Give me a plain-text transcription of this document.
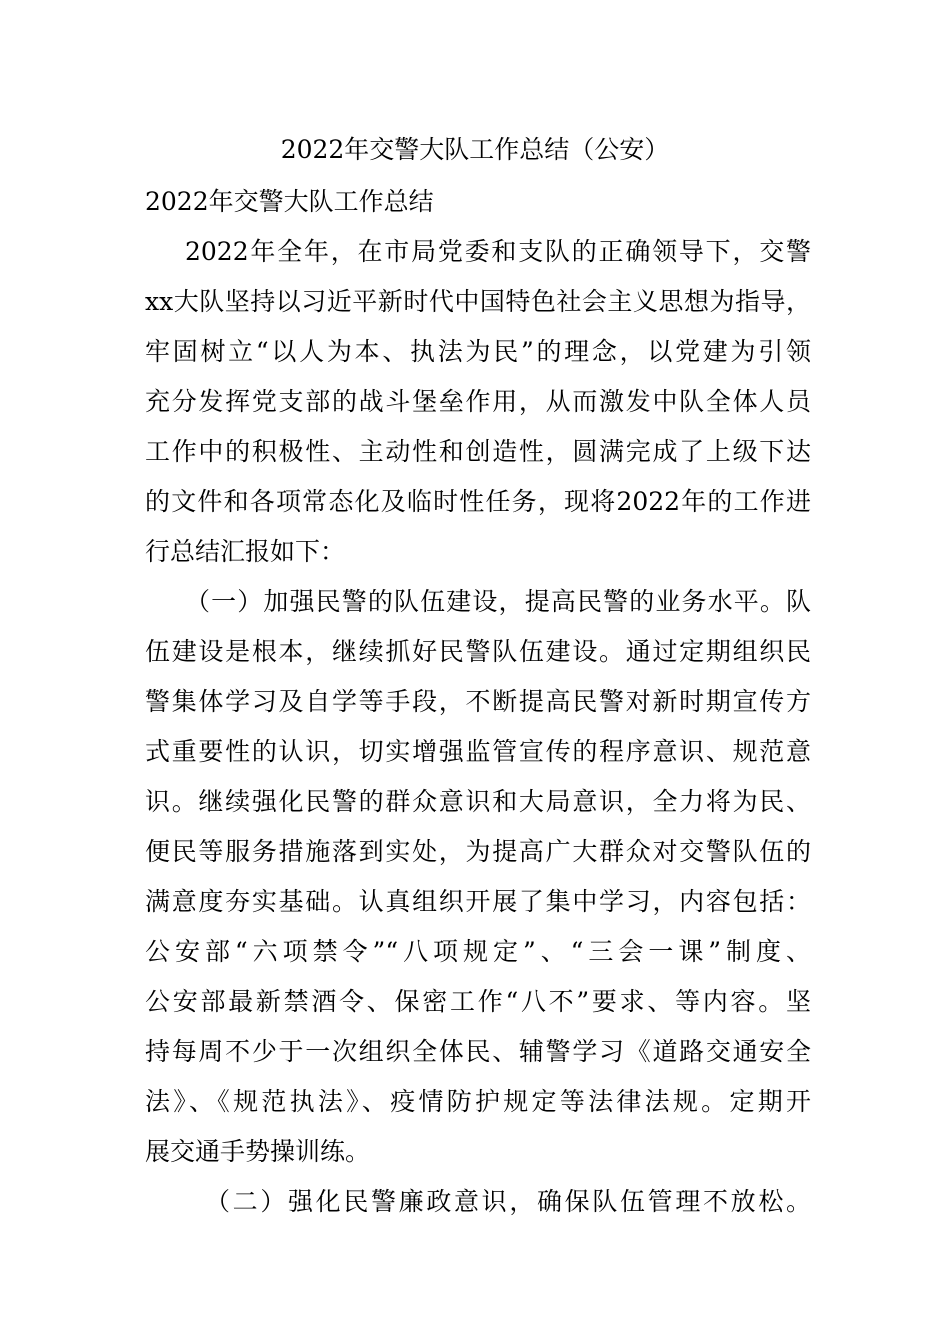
2022年交警大队工作总结（公安）
2022年交警大队工作总结
2022年全年，在市局党委和支队的正确领导下，交警
xx大队坚持以习近平新时代中国特色社会主义思想为指导，
牢固树立“以人为本、执法为民”的理念，以党建为引领
充分发挥党支部的战斗堡垒作用，从而激发中队全体人员
工作中的积极性、主动性和创造性，圆满完成了上级下达
的文件和各项常态化及临时性任务，现将2022年的工作进
行总结汇报如下：
（一）加强民警的队伍建设，提高民警的业务水平。队
伍建设是根本，继续抓好民警队伍建设。通过定期组织民
警集体学习及自学等手段，不断提高民警对新时期宣传方
式重要性的认识，切实增强监管宣传的程序意识、规范意
识。继续强化民警的群众意识和大局意识，全力将为民、
便民等服务措施落到实处，为提高广大群众对交警队伍的
满意度夯实基础。认真组织开展了集中学习，内容包括：
公安部“六项禁令”“八项规定”、“三会一课”制度、
公安部最新禁酒令、保密工作“八不”要求、等内容。坚
持每周不少于一次组织全体民、辅警学习《道路交通安全
法》、《规范执法》、疫情防护规定等法律法规。定期开
展交通手势操训练。
（二）强化民警廉政意识，确保队伍管理不放松。
